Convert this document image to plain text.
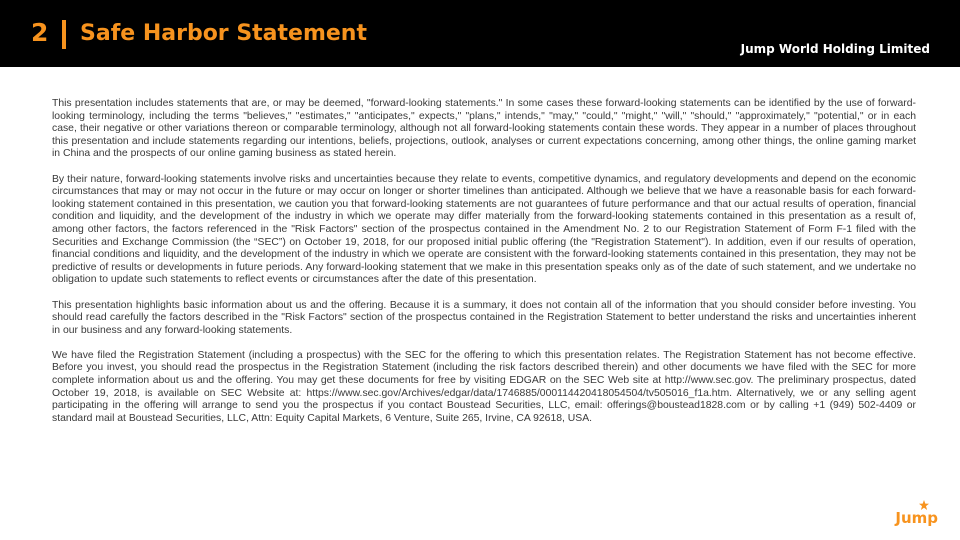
2 Safe Harbor Statement
Jump World Holding Limited

This presentation includes statements that are, or may be deemed, "forward-looking statements." In some cases these forward-looking statements can be identified by the use of forward-looking terminology, including the terms "believes," "estimates," "anticipates," expects," "plans," intends," "may," "could," "might," "will," "should," "approximately," "potential," or in each case, their negative or other variations thereon or comparable terminology, although not all forward-looking statements contain these words. They appear in a number of places throughout this presentation and include statements regarding our intentions, beliefs, projections, outlook, analyses or current expectations concerning, among other things, the online gaming market in China and the prospects of our online gaming business as stated herein.

By their nature, forward-looking statements involve risks and uncertainties because they relate to events, competitive dynamics, and regulatory developments and depend on the economic circumstances that may or may not occur in the future or may occur on longer or shorter timelines than anticipated. Although we believe that we have a reasonable basis for each forward-looking statement contained in this presentation, we caution you that forward-looking statements are not guarantees of future performance and that our actual results of operation, financial condition and liquidity, and the development of the industry in which we operate may differ materially from the forward-looking statements contained in this presentation as a result of, among other factors, the factors referenced in the "Risk Factors" section of the prospectus contained in the Amendment No. 2 to our Registration Statement of Form F-1 filed with the Securities and Exchange Commission (the “SEC”) on October 19, 2018, for our proposed initial public offering (the "Registration Statement"). In addition, even if our results of operation, financial conditions and liquidity, and the development of the industry in which we operate are consistent with the forward-looking statements contained in this presentation, they may not be predictive of results or developments in future periods. Any forward-looking statement that we make in this presentation speaks only as of the date of such statement, and we undertake no obligation to update such statements to reflect events or circumstances after the date of this presentation.

This presentation highlights basic information about us and the offering. Because it is a summary, it does not contain all of the information that you should consider before investing. You should read carefully the factors described in the "Risk Factors" section of the prospectus contained in the Registration Statement to better understand the risks and uncertainties inherent in our business and any forward-looking statements.

We have filed the Registration Statement (including a prospectus) with the SEC for the offering to which this presentation relates. The Registration Statement has not become effective. Before you invest, you should read the prospectus in the Registration Statement (including the risk factors described therein) and other documents we have filed with the SEC for more complete information about us and the offering. You may get these documents for free by visiting EDGAR on the SEC Web site at http://www.sec.gov. The preliminary prospectus, dated October 19, 2018, is available on SEC Website at: https://www.sec.gov/Archives/edgar/data/1746885/000114420418054504/tv505016_f1a.htm. Alternatively, we or any selling agent participating in the offering will arrange to send you the prospectus if you contact Boustead Securities, LLC, email: offerings@boustead1828.com or by calling +1 (949) 502-4409 or standard mail at Boustead Securities, LLC, Attn: Equity Capital Markets, 6 Venture, Suite 265, Irvine, CA 92618, USA.

Jump
